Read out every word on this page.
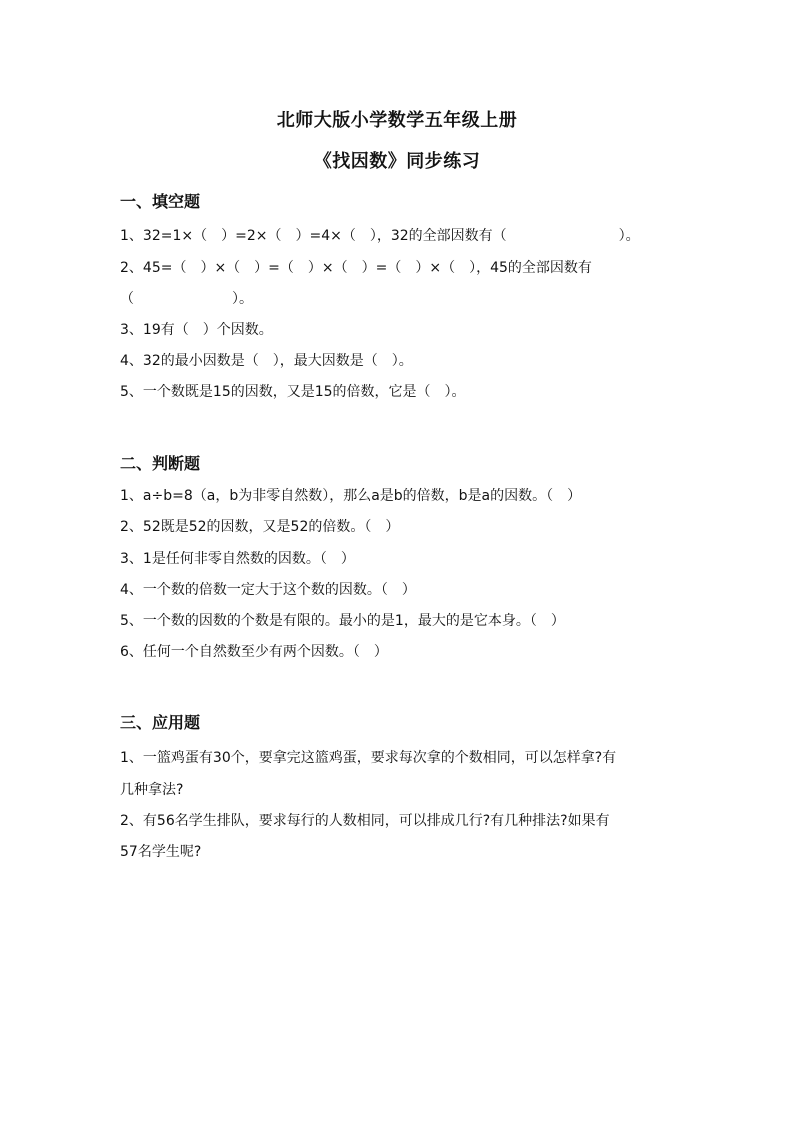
北师大版小学数学五年级上册
《找因数》同步练习
一、填空题
1、32=1×（　）=2×（　）=4×（　），32的全部因数有（　　　　　　　　）。
2、45=（　）×（　）=（　）×（　）=（　）×（　），45的全部因数有
（　　　　　　　）。
3、19有（　）个因数。
4、32的最小因数是（　），最大因数是（　）。
5、一个数既是15的因数，又是15的倍数，它是（　）。
二、判断题
1、a÷b=8（a，b为非零自然数），那么a是b的倍数，b是a的因数。（　）
2、52既是52的因数，又是52的倍数。（　）
3、1是任何非零自然数的因数。（　）
4、一个数的倍数一定大于这个数的因数。（　）
5、一个数的因数的个数是有限的。最小的是1，最大的是它本身。（　）
6、任何一个自然数至少有两个因数。（　）
三、应用题
1、一篮鸡蛋有30个，要拿完这篮鸡蛋，要求每次拿的个数相同，可以怎样拿?有
几种拿法?
2、有56名学生排队，要求每行的人数相同，可以排成几行?有几种排法?如果有
57名学生呢?
